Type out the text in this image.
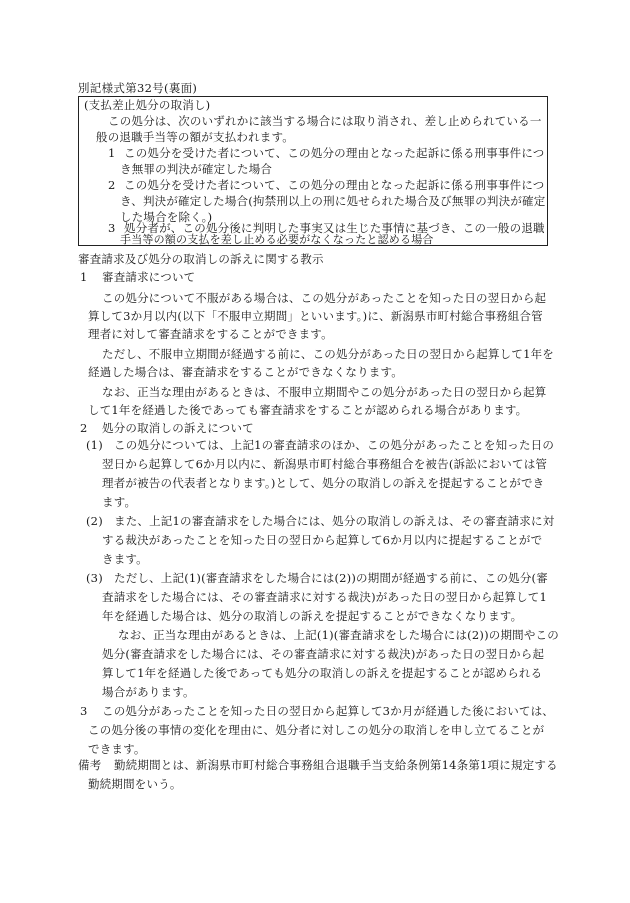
別記様式第32号(裏面)
(支払差止処分の取消し)
この処分は、次のいずれかに該当する場合には取り消され、差し止められている一
般の退職手当等の額が支払われます。
1 この処分を受けた者について、この処分の理由となった起訴に係る刑事事件につ
き無罪の判決が確定した場合
2 この処分を受けた者について、この処分の理由となった起訴に係る刑事事件につ
き、判決が確定した場合(拘禁刑以上の刑に処せられた場合及び無罪の判決が確定
した場合を除く。)
3 処分者が、この処分後に判明した事実又は生じた事情に基づき、この一般の退職
手当等の額の支払を差し止める必要がなくなったと認める場合
審査請求及び処分の取消しの訴えに関する教示
1 審査請求について
この処分について不服がある場合は、この処分があったことを知った日の翌日から起
算して3か月以内(以下「不服申立期間」といいます。)に、新潟県市町村総合事務組合管
理者に対して審査請求をすることができます。
ただし、不服申立期間が経過する前に、この処分があった日の翌日から起算して1年を
経過した場合は、審査請求をすることができなくなります。
なお、正当な理由があるときは、不服申立期間やこの処分があった日の翌日から起算
して1年を経過した後であっても審査請求をすることが認められる場合があります。
2 処分の取消しの訴えについて
(1) この処分については、上記1の審査請求のほか、この処分があったことを知った日の
翌日から起算して6か月以内に、新潟県市町村総合事務組合を被告(訴訟においては管
理者が被告の代表者となります。)として、処分の取消しの訴えを提起することができ
ます。
(2) また、上記1の審査請求をした場合には、処分の取消しの訴えは、その審査請求に対
する裁決があったことを知った日の翌日から起算して6か月以内に提起することがで
きます。
(3) ただし、上記(1)(審査請求をした場合には(2))の期間が経過する前に、この処分(審
査請求をした場合には、その審査請求に対する裁決)があった日の翌日から起算して1
年を経過した場合は、処分の取消しの訴えを提起することができなくなります。
なお、正当な理由があるときは、上記(1)(審査請求をした場合には(2))の期間やこの
処分(審査請求をした場合には、その審査請求に対する裁決)があった日の翌日から起
算して1年を経過した後であっても処分の取消しの訴えを提起することが認められる
場合があります。
3 この処分があったことを知った日の翌日から起算して3か月が経過した後においては、
この処分後の事情の変化を理由に、処分者に対しこの処分の取消しを申し立てることが
できます。
備考 勤続期間とは、新潟県市町村総合事務組合退職手当支給条例第14条第1項に規定する
勤続期間をいう。
